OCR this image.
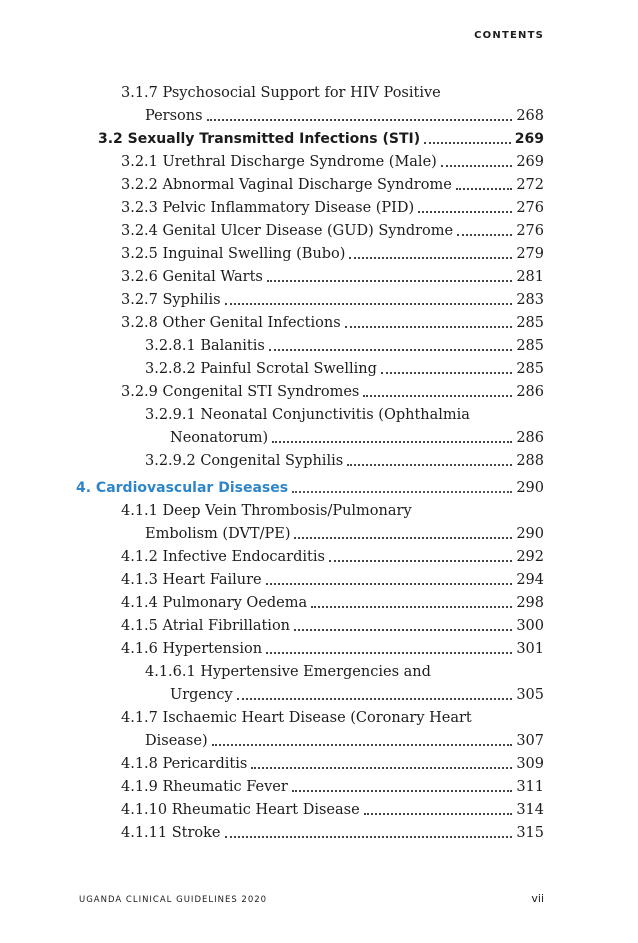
CONTENTS
3.1.7 Psychosocial Support for HIV Positive
Persons	268
3.2 Sexually Transmitted Infections (STI)	269
3.2.1 Urethral Discharge Syndrome (Male)	269
3.2.2 Abnormal Vaginal Discharge Syndrome	272
3.2.3 Pelvic Inflammatory Disease (PID)	276
3.2.4 Genital Ulcer Disease (GUD) Syndrome	276
3.2.5 Inguinal Swelling (Bubo)	279
3.2.6 Genital Warts	281
3.2.7 Syphilis	283
3.2.8 Other Genital Infections	285
3.2.8.1 Balanitis	285
3.2.8.2 Painful Scrotal Swelling	285
3.2.9 Congenital STI Syndromes	286
3.2.9.1 Neonatal Conjunctivitis (Ophthalmia
Neonatorum)	286
3.2.9.2 Congenital Syphilis	288
4. Cardiovascular Diseases	290
4.1.1 Deep Vein Thrombosis/Pulmonary
Embolism (DVT/PE)	290
4.1.2 Infective Endocarditis	292
4.1.3 Heart Failure	294
4.1.4 Pulmonary Oedema	298
4.1.5 Atrial Fibrillation	300
4.1.6 Hypertension	301
4.1.6.1 Hypertensive Emergencies and
Urgency	305
4.1.7 Ischaemic Heart Disease (Coronary Heart
Disease)	307
4.1.8 Pericarditis	309
4.1.9 Rheumatic Fever	311
4.1.10 Rheumatic Heart Disease	314
4.1.11 Stroke	315
UGANDA CLINICAL GUIDELINES 2020	vii
